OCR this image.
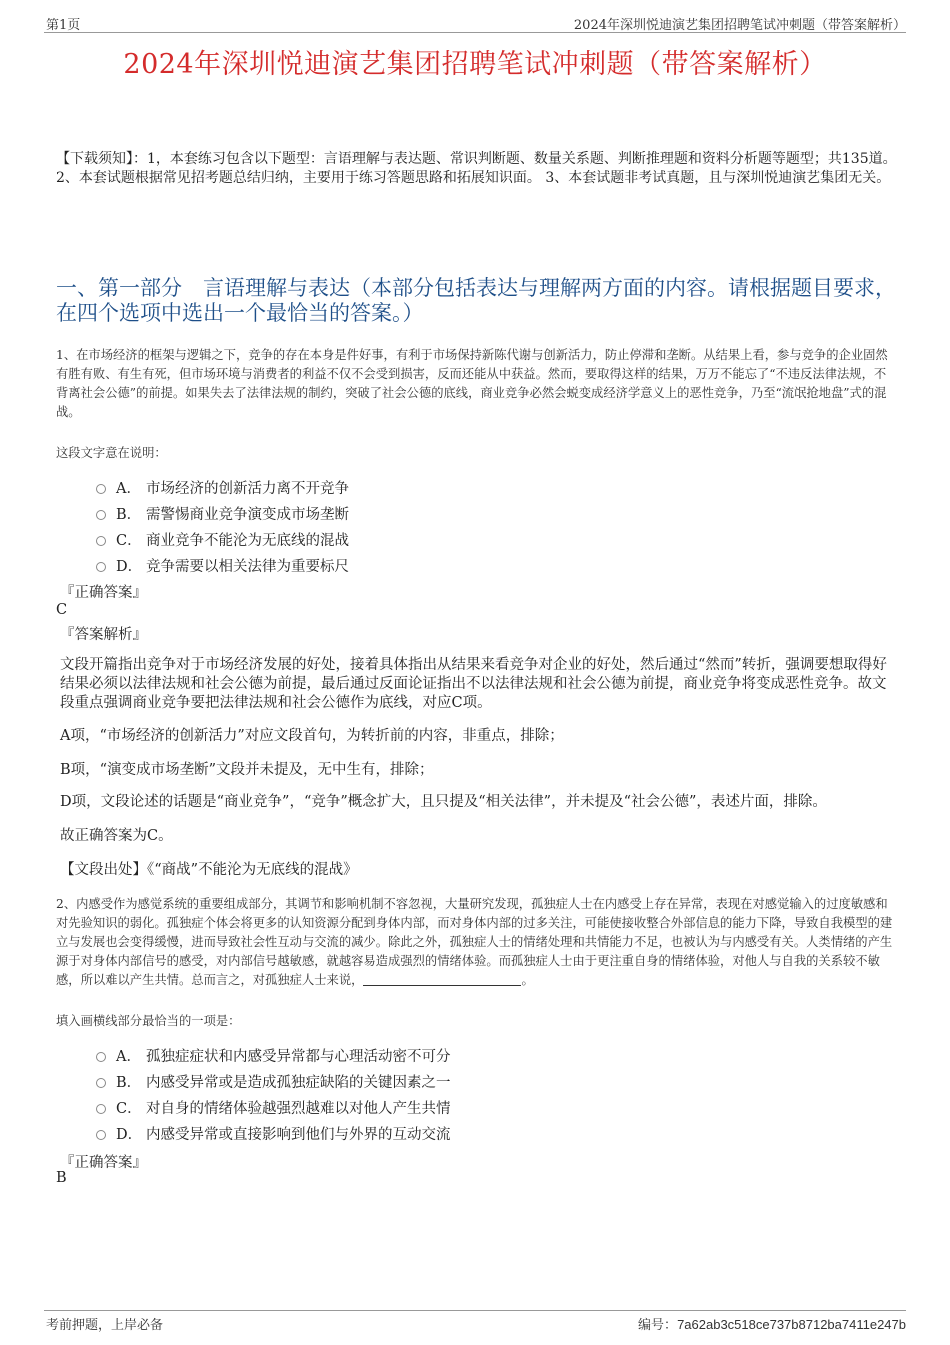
第1页	2024年深圳悦迪演艺集团招聘笔试冲刺题（带答案解析）
2024年深圳悦迪演艺集团招聘笔试冲刺题（带答案解析）
【下载须知】：1，本套练习包含以下题型：言语理解与表达题、常识判断题、数量关系题、判断推理题和资料分析题等题型；共135道。 2、本套试题根据常见招考题总结归纳，主要用于练习答题思路和拓展知识面。 3、本套试题非考试真题，且与深圳悦迪演艺集团无关。
一、第一部分　言语理解与表达（本部分包括表达与理解两方面的内容。请根据题目要求，在四个选项中选出一个最恰当的答案。）
1、在市场经济的框架与逻辑之下，竞争的存在本身是件好事，有利于市场保持新陈代谢与创新活力，防止停滞和垄断。从结果上看，参与竞争的企业固然有胜有败、有生有死，但市场环境与消费者的利益不仅不会受到损害，反而还能从中获益。然而，要取得这样的结果，万万不能忘了“不违反法律法规，不背离社会公德”的前提。如果失去了法律法规的制约，突破了社会公德的底线，商业竞争必然会蜕变成经济学意义上的恶性竞争，乃至“流氓抢地盘”式的混战。
这段文字意在说明：
A． 市场经济的创新活力离不开竞争
B． 需警惕商业竞争演变成市场垄断
C． 商业竞争不能沦为无底线的混战
D． 竞争需要以相关法律为重要标尺
『正确答案』
C
『答案解析』
文段开篇指出竞争对于市场经济发展的好处，接着具体指出从结果来看竞争对企业的好处，然后通过“然而”转折，强调要想取得好结果必须以法律法规和社会公德为前提，最后通过反面论证指出不以法律法规和社会公德为前提，商业竞争将变成恶性竞争。故文段重点强调商业竞争要把法律法规和社会公德作为底线，对应C项。
A项，“市场经济的创新活力”对应文段首句，为转折前的内容，非重点，排除；
B项，“演变成市场垄断”文段并未提及，无中生有，排除；
D项，文段论述的话题是“商业竞争”，“竞争”概念扩大，且只提及“相关法律”，并未提及“社会公德”，表述片面，排除。
故正确答案为C。
【文段出处】《“商战”不能沦为无底线的混战》
2、内感受作为感觉系统的重要组成部分，其调节和影响机制不容忽视，大量研究发现，孤独症人士在内感受上存在异常，表现在对感觉输入的过度敏感和对先验知识的弱化。孤独症个体会将更多的认知资源分配到身体内部，而对身体内部的过多关注，可能使接收整合外部信息的能力下降，导致自我模型的建立与发展也会变得缓慢，进而导致社会性互动与交流的减少。除此之外，孤独症人士的情绪处理和共情能力不足，也被认为与内感受有关。人类情绪的产生源于对身体内部信号的感受，对内部信号越敏感，就越容易造成强烈的情绪体验。而孤独症人士由于更注重自身的情绪体验，对他人与自我的关系较不敏感，所以难以产生共情。总而言之，对孤独症人士来说，	。
填入画横线部分最恰当的一项是：
A． 孤独症症状和内感受异常都与心理活动密不可分
B． 内感受异常或是造成孤独症缺陷的关键因素之一
C． 对自身的情绪体验越强烈越难以对他人产生共情
D． 内感受异常或直接影响到他们与外界的互动交流
『正确答案』
B
考前押题，上岸必备	编号：7a62ab3c518ce737b8712ba7411e247b
